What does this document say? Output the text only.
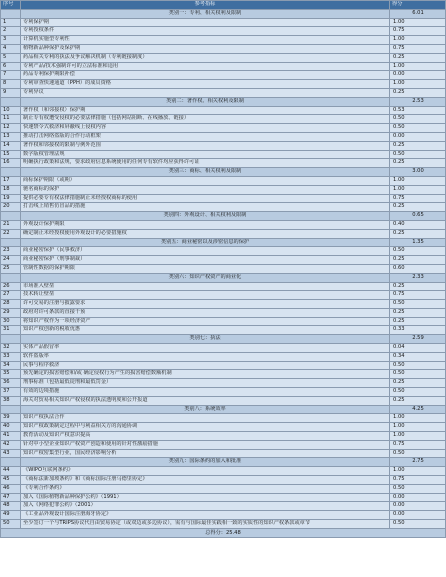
序号	参考指标	得分
	类别一：专利、相关权利及限制	6.01
1	专利保护期	1.00
2	专利授权条件	0.75
3	计算机实施型专利性	1.00
4	植物新品种保护及保护期	0.75
5	药品相关专利的执法及争议解决机制（专利链接制度）	0.25
6	专利产品/技术强制许可的立法标准和适用	1.00
7	药品专利保护期限补偿	0.00
8	专利审查快速通道（PPH）的成员资格	1.00
9	专利异议	0.25
	类别二：著作权、相关权利及限制	2.53
10	著作权（和邻接权）保护期	0.53
11	制止专有权遭受侵权的必要法律措施（包括网站阻断、在线播放、链接）	0.50
12	快速禁令式救济和屏蔽线上侵权内容	0.50
13	推动打击网络盗版的合作行动框架	0.00
14	著作权和邻接权的限制与例外范围	0.25
15	数字版权管理法规	0.50
16	明确执行政策和法规，要求政府信息系统使用的任何专有软件均应获得许可证	0.25
	类别三：商标、相关权利及限制	3.00
17	商标保护期限（或期）	1.00
18	驰名商标的保护	1.00
19	提供必要专有权法律措施制止未经授权商标的使用	0.75
20	打击线上销售仿冒品的措施	0.25
	类别四：外观设计、相关权利及限制	0.65
21	外观设计保护期限	0.40
22	确定制止未经授权使用外观设计的必要措施权	0.25
	类别五：商业秘密以及涉密信息的保护	1.35
23	商业秘密保护（民事救济）	0.50
24	商业秘密保护（刑事制裁）	0.25
25	管制性数据的保护期限	0.60
	类别六：知识产权资产的商业化	2.33
26	市场准入壁垒	0.25
27	技术转让壁垒	0.75
28	许可交易的注册与披露要求	0.50
29	政府对许可条款的直接干预	0.25
30	将知识产权作为一项经济资产	0.25
31	知识产权创新的税收优惠	0.33
	类别七：执法	2.59
32	实体产品假冒率	0.04
33	软件盗版率	0.34
34	民事与程序救济	0.50
35	预先确定的损害赔偿和/或 确定侵权行为产生的损害赔偿数额机制	0.50
36	刑事标准（包括最低徒刑和最低罚金）	0.25
37	有效的边境措施	0.50
38	海关对贸易相关知识产权侵权的执法透明度和公开报道	0.25
	类别八：系统效率	4.25
39	知识产权执法合作	1.00
40	知识产权政策制定过程中与利益相关方的沟通协调	1.00
41	教育活动及知识产权意识提高	1.00
42	针对中小型企业知识产权资产创造和使用的针对性激励措施	0.75
43	知识产权密集型行业，国民经济影响分析	0.50
	类别九：国际条约的加入和批准	2.75
44	《WIPO互联网条约》	1.00
45	《商标法新加坡条约》和《商标国际注册马德里协定》	0.75
46	《专利合作条约》	0.50
47	加入《国际植物新品种保护公约》（1991）	0.00
48	加入《网络犯罪公约》（2001）	0.00
49	《工业品外观设计国际注册海牙协定》	0.00
50	至少签订一个与TRIPS协议代自由贸易协定（或双边或多边协议），需有与国际最佳实践相一致的实质性的知识产权条款或章节	0.50
总得分：25.48		
